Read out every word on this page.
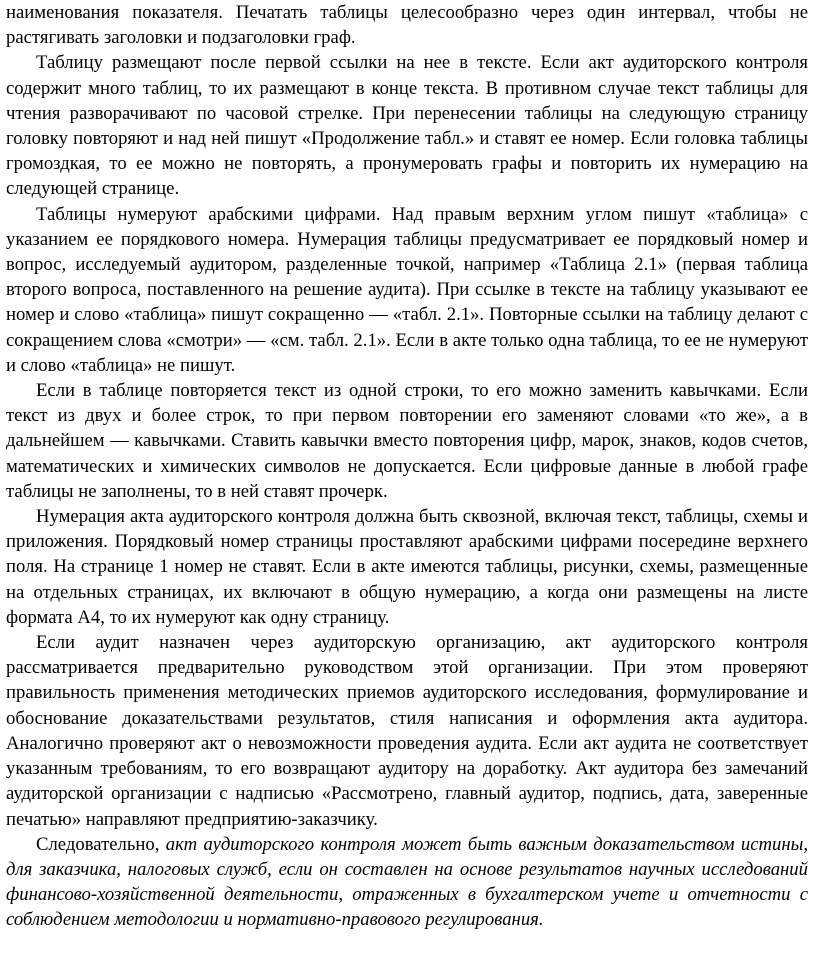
наименования показателя. Печатать таблицы целесообразно через один интервал, чтобы не растягивать заголовки и подзаголовки граф.

Таблицу размещают после первой ссылки на нее в тексте. Если акт аудиторского контроля содержит много таблиц, то их размещают в конце текста. В противном случае текст таблицы для чтения разворачивают по часовой стрелке. При перенесении таблицы на следующую страницу головку повторяют и над ней пишут «Продолжение табл.» и ставят ее номер. Если головка таблицы громоздкая, то ее можно не повторять, а пронумеровать графы и повторить их нумерацию на следующей странице.

Таблицы нумеруют арабскими цифрами. Над правым верхним углом пишут «таблица» с указанием ее порядкового номера. Нумерация таблицы предусматривает ее порядковый номер и вопрос, исследуемый аудитором, разделенные точкой, например «Таблица 2.1» (первая таблица второго вопроса, поставленного на решение аудита). При ссылке в тексте на таблицу указывают ее номер и слово «таблица» пишут сокращенно — «табл. 2.1». Повторные ссылки на таблицу делают с сокращением слова «смотри» — «см. табл. 2.1». Если в акте только одна таблица, то ее не нумеруют и слово «таблица» не пишут.

Если в таблице повторяется текст из одной строки, то его можно заменить кавычками. Если текст из двух и более строк, то при первом повторении его заменяют словами «то же», а в дальнейшем — кавычками. Ставить кавычки вместо повторения цифр, марок, знаков, кодов счетов, математических и химических символов не допускается. Если цифровые данные в любой графе таблицы не заполнены, то в ней ставят прочерк.

Нумерация акта аудиторского контроля должна быть сквозной, включая текст, таблицы, схемы и приложения. Порядковый номер страницы проставляют арабскими цифрами посередине верхнего поля. На странице 1 номер не ставят. Если в акте имеются таблицы, рисунки, схемы, размещенные на отдельных страницах, их включают в общую нумерацию, а когда они размещены на листе формата А4, то их нумеруют как одну страницу.

Если аудит назначен через аудиторскую организацию, акт аудиторского контроля рассматривается предварительно руководством этой организации. При этом проверяют правильность применения методических приемов аудиторского исследования, формулирование и обоснование доказательствами результатов, стиля написания и оформления акта аудитора. Аналогично проверяют акт о невозможности проведения аудита. Если акт аудита не соответствует указанным требованиям, то его возвращают аудитору на доработку. Акт аудитора без замечаний аудиторской организации с надписью «Рассмотрено, главный аудитор, подпись, дата, заверенные печатью» направляют предприятию-заказчику.

Следовательно, акт аудиторского контроля может быть важным доказательством истины, для заказчика, налоговых служб, если он составлен на основе результатов научных исследований финансово-хозяйственной деятельности, отраженных в бухгалтерском учете и отчетности с соблюдением методологии и нормативно-правового регулирования.
